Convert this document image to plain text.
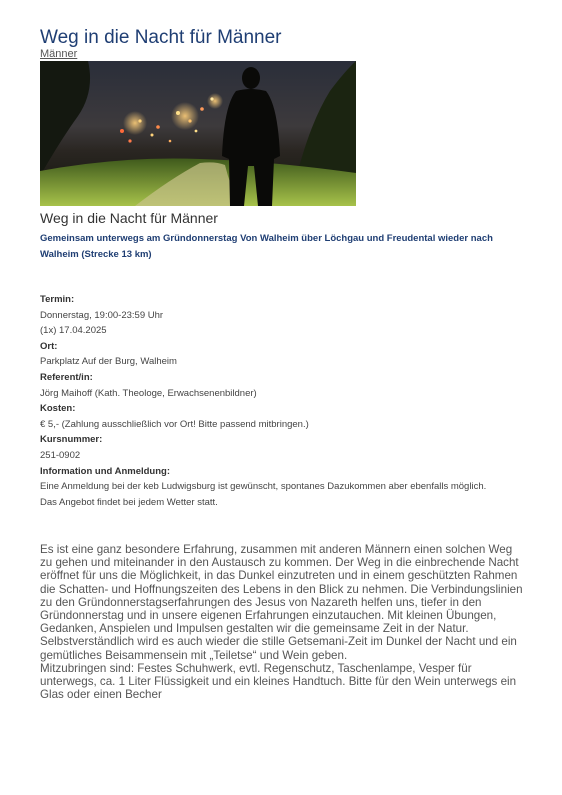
Weg in die Nacht für Männer
Männer
Weg in die Nacht für Männer

Gemeinsam unterwegs am Gründonnerstag Von Walheim über Löchgau und Freudental wieder nach Walheim (Strecke 13 km)

Termin:
Donnerstag, 19:00-23:59 Uhr
(1x) 17.04.2025
Ort:
Parkplatz Auf der Burg, Walheim
Referent/in:
Jörg Maihoff (Kath. Theologe, Erwachsenenbildner)
Kosten:
€ 5,- (Zahlung ausschließlich vor Ort! Bitte passend mitbringen.)
Kursnummer:
251-0902
Information und Anmeldung:
Eine Anmeldung bei der keb Ludwigsburg ist gewünscht, spontanes Dazukommen aber ebenfalls möglich.
Das Angebot findet bei jedem Wetter statt.

Es ist eine ganz besondere Erfahrung, zusammen mit anderen Männern einen solchen Weg zu gehen und miteinander in den Austausch zu kommen. Der Weg in die einbrechende Nacht eröffnet für uns die Möglichkeit, in das Dunkel einzutreten und in einem geschützten Rahmen die Schatten- und Hoffnungszeiten des Lebens in den Blick zu nehmen. Die Verbindungslinien zu den Gründonnerstagserfahrungen des Jesus von Nazareth helfen uns, tiefer in den Gründonnerstag und in unsere eigenen Erfahrungen einzutauchen. Mit kleinen Übungen, Gedanken, Anspielen und Impulsen gestalten wir die gemeinsame Zeit in der Natur. Selbstverständlich wird es auch wieder die stille Getsemani-Zeit im Dunkel der Nacht und ein gemütliches Beisammensein mit „Teiletse“ und Wein geben.

Mitzubringen sind: Festes Schuhwerk, evtl. Regenschutz, Taschenlampe, Vesper für unterwegs, ca. 1 Liter Flüssigkeit und ein kleines Handtuch. Bitte für den Wein unterwegs ein Glas oder einen Becher
